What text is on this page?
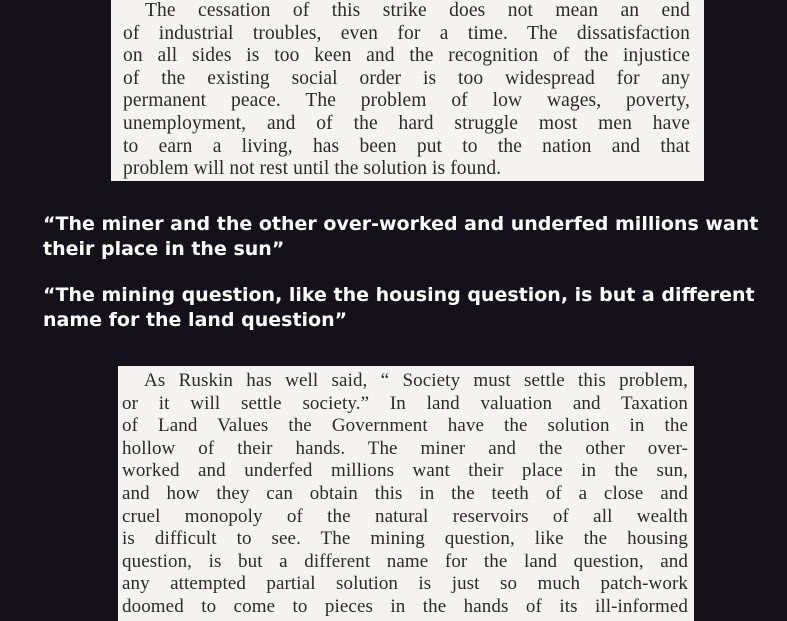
The cessation of this strike does not mean an end
of industrial troubles, even for a time. The dissatisfaction
on all sides is too keen and the recognition of the injustice
of the existing social order is too widespread for any
permanent peace. The problem of low wages, poverty,
unemployment, and of the hard struggle most men have
to earn a living, has been put to the nation and that
problem will not rest until the solution is found.

“The miner and the other over-worked and underfed millions want their place in the sun”

“The mining question, like the housing question, is but a different name for the land question”

As Ruskin has well said, “ Society must settle this problem,
or it will settle society.” In land valuation and Taxation
of Land Values the Government have the solution in the
hollow of their hands. The miner and the other over-
worked and underfed millions want their place in the sun,
and how they can obtain this in the teeth of a close and
cruel monopoly of the natural reservoirs of all wealth
is difficult to see. The mining question, like the housing
question, is but a different name for the land question, and
any attempted partial solution is just so much patch-work
doomed to come to pieces in the hands of its ill-informed
